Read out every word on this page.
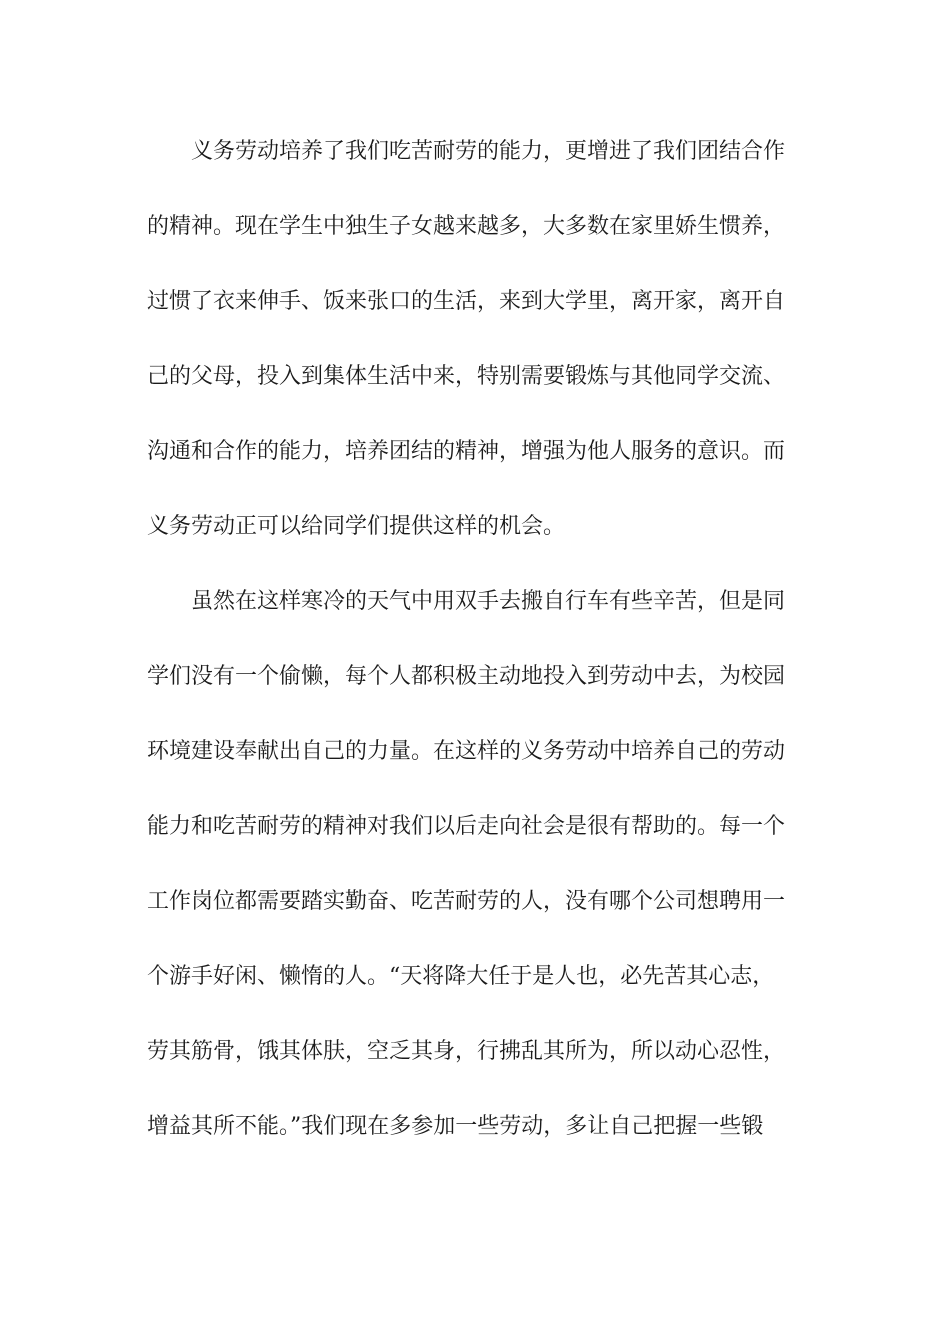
义务劳动培养了我们吃苦耐劳的能力，更增进了我们团结合作
的精神。现在学生中独生子女越来越多，大多数在家里娇生惯养，
过惯了衣来伸手、饭来张口的生活，来到大学里，离开家，离开自
己的父母，投入到集体生活中来，特别需要锻炼与其他同学交流、
沟通和合作的能力，培养团结的精神，增强为他人服务的意识。而
义务劳动正可以给同学们提供这样的机会。
虽然在这样寒冷的天气中用双手去搬自行车有些辛苦，但是同
学们没有一个偷懒，每个人都积极主动地投入到劳动中去，为校园
环境建设奉献出自己的力量。在这样的义务劳动中培养自己的劳动
能力和吃苦耐劳的精神对我们以后走向社会是很有帮助的。每一个
工作岗位都需要踏实勤奋、吃苦耐劳的人，没有哪个公司想聘用一
个游手好闲、懒惰的人。“天将降大任于是人也，必先苦其心志，
劳其筋骨，饿其体肤，空乏其身，行拂乱其所为，所以动心忍性，
增益其所不能。”我们现在多参加一些劳动，多让自己把握一些锻
